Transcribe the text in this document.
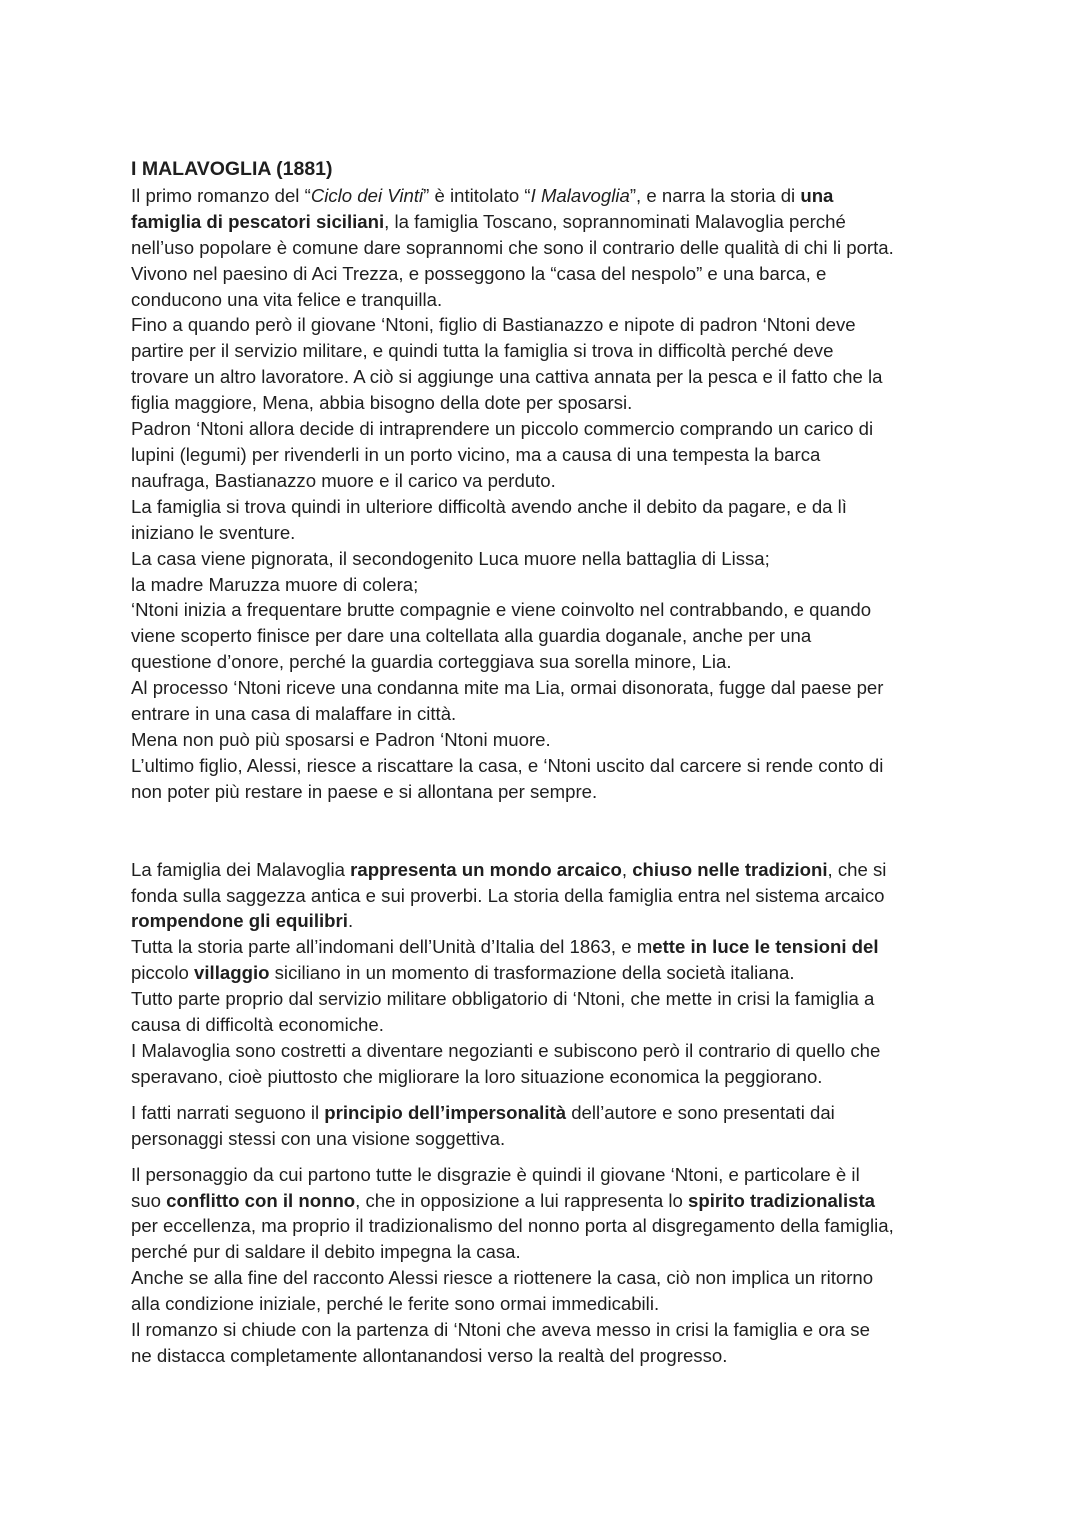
I MALAVOGLIA (1881)

Il primo romanzo del “Ciclo dei Vinti” è intitolato “I Malavoglia”, e narra la storia di una

famiglia di pescatori siciliani, la famiglia Toscano, soprannominati Malavoglia perché

nell’uso popolare è comune dare soprannomi che sono il contrario delle qualità di chi li porta.

Vivono nel paesino di Aci Trezza, e posseggono la “casa del nespolo” e una barca, e

conducono una vita felice e tranquilla.

Fino a quando però il giovane ‘Ntoni, figlio di Bastianazzo e nipote di padron ‘Ntoni deve

partire per il servizio militare, e quindi tutta la famiglia si trova in difficoltà perché deve

trovare un altro lavoratore. A ciò si aggiunge una cattiva annata per la pesca e il fatto che la

figlia maggiore, Mena, abbia bisogno della dote per sposarsi.

Padron ‘Ntoni allora decide di intraprendere un piccolo commercio comprando un carico di

lupini (legumi) per rivenderli in un porto vicino, ma a causa di una tempesta la barca

naufraga, Bastianazzo muore e il carico va perduto.

La famiglia si trova quindi in ulteriore difficoltà avendo anche il debito da pagare, e da lì

iniziano le sventure.

La casa viene pignorata, il secondogenito Luca muore nella battaglia di Lissa;

la madre Maruzza muore di colera;

‘Ntoni inizia a frequentare brutte compagnie e viene coinvolto nel contrabbando, e quando

viene scoperto finisce per dare una coltellata alla guardia doganale, anche per una

questione d’onore, perché la guardia corteggiava sua sorella minore, Lia.

Al processo ‘Ntoni riceve una condanna mite ma Lia, ormai disonorata, fugge dal paese per

entrare in una casa di malaffare in città.

Mena non può più sposarsi e Padron ‘Ntoni muore.

L’ultimo figlio, Alessi, riesce a riscattare la casa, e ‘Ntoni uscito dal carcere si rende conto di

non poter più restare in paese e si allontana per sempre.

La famiglia dei Malavoglia rappresenta un mondo arcaico, chiuso nelle tradizioni, che si

fonda sulla saggezza antica e sui proverbi. La storia della famiglia entra nel sistema arcaico

rompendone gli equilibri.

Tutta la storia parte all’indomani dell’Unità d’Italia del 1863, e mette in luce le tensioni del

piccolo villaggio siciliano in un momento di trasformazione della società italiana.

Tutto parte proprio dal servizio militare obbligatorio di ‘Ntoni, che mette in crisi la famiglia a

causa di difficoltà economiche.

I Malavoglia sono costretti a diventare negozianti e subiscono però il contrario di quello che

speravano, cioè piuttosto che migliorare la loro situazione economica la peggiorano.

I fatti narrati seguono il principio dell’impersonalità dell’autore e sono presentati dai

personaggi stessi con una visione soggettiva.

Il personaggio da cui partono tutte le disgrazie è quindi il giovane ‘Ntoni, e particolare è il

suo conflitto con il nonno, che in opposizione a lui rappresenta lo spirito tradizionalista

per eccellenza, ma proprio il tradizionalismo del nonno porta al disgregamento della famiglia,

perché pur di saldare il debito impegna la casa.

Anche se alla fine del racconto Alessi riesce a riottenere la casa, ciò non implica un ritorno

alla condizione iniziale, perché le ferite sono ormai immedicabili.

Il romanzo si chiude con la partenza di ‘Ntoni che aveva messo in crisi la famiglia e ora se

ne distacca completamente allontanandosi verso la realtà del progresso.
